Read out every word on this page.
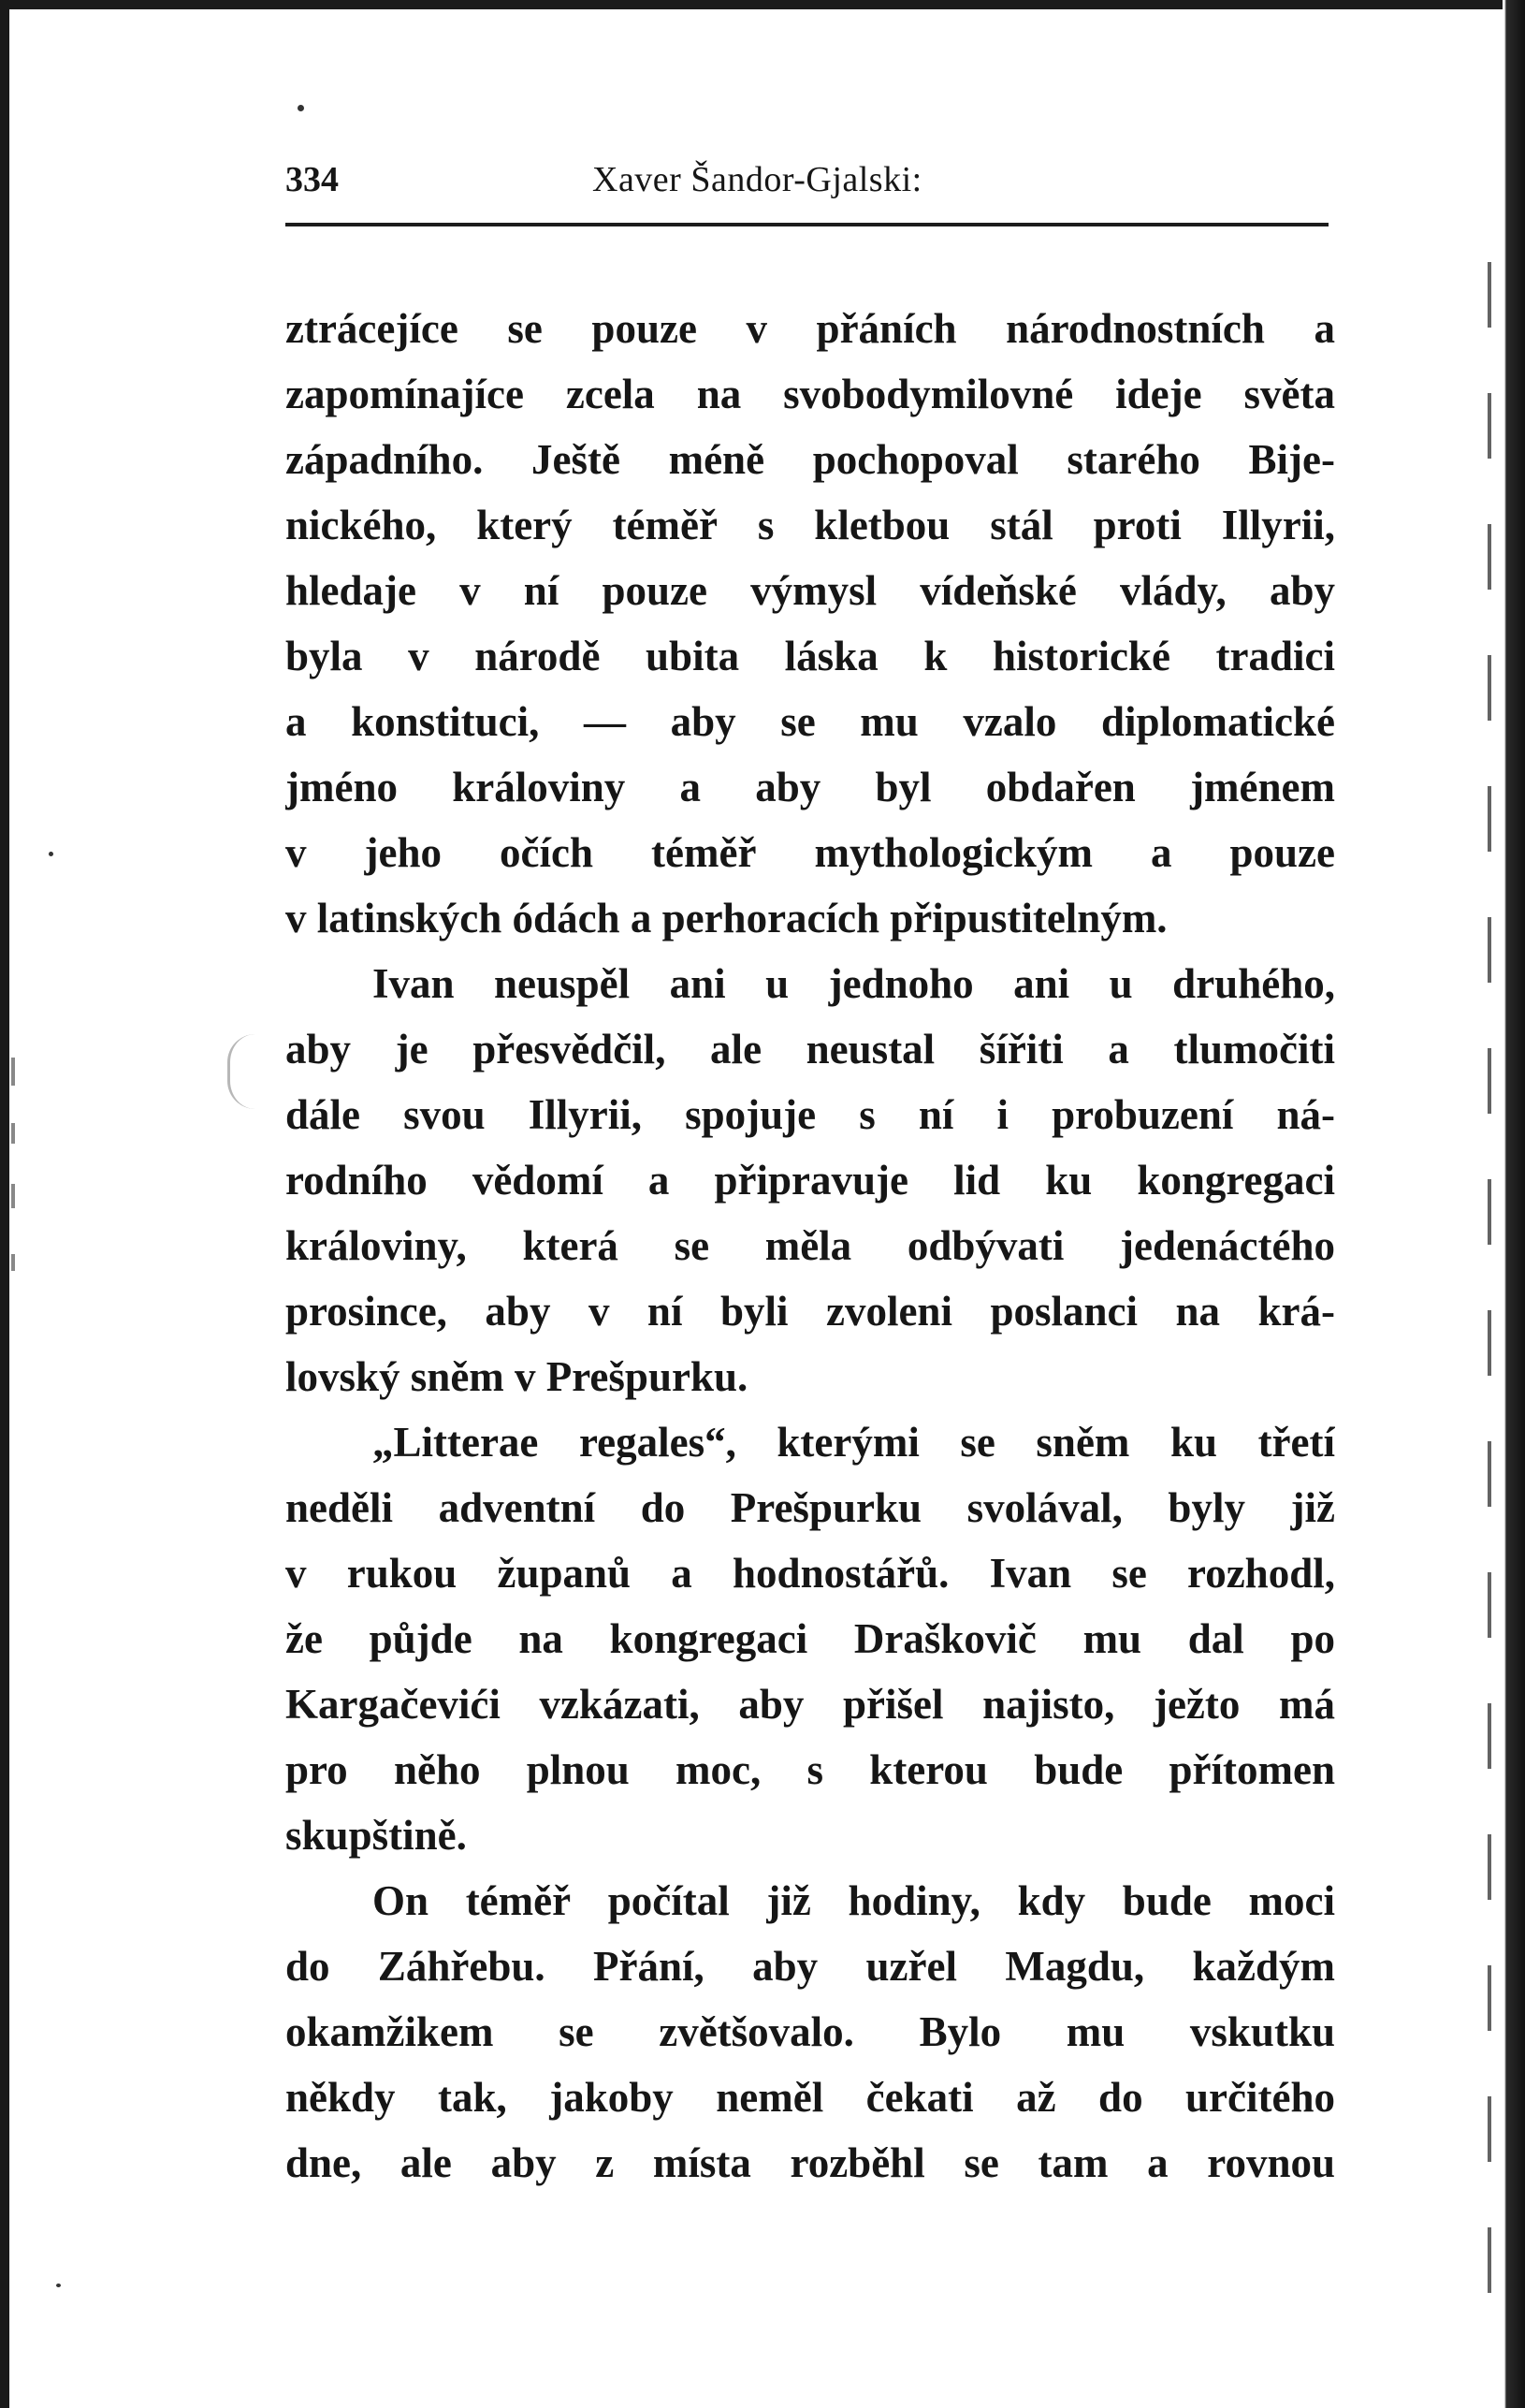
334	Xaver Šandor-Gjalski:
ztrácejíce se pouze v přáních národnostních a
zapomínajíce zcela na svobodymilovné ideje světa
západního. Ještě méně pochopoval starého Bije-
nického, který téměř s kletbou stál proti Illyrii,
hledaje v ní pouze výmysl vídeňské vlády, aby
byla v národě ubita láska k historické tradici
a konstituci, — aby se mu vzalo diplomatické
jméno královiny a aby byl obdařen jménem
v jeho očích téměř mythologickým a pouze
v latinských ódách a perhoracích připustitelným.
Ivan neuspěl ani u jednoho ani u druhého,
aby je přesvědčil, ale neustal šířiti a tlumočiti
dále svou Illyrii, spojuje s ní i probuzení ná-
rodního vědomí a připravuje lid ku kongregaci
královiny, která se měla odbývati jedenáctého
prosince, aby v ní byli zvoleni poslanci na krá-
lovský sněm v Prešpurku.
„Litterae regales“, kterými se sněm ku třetí
neděli adventní do Prešpurku svolával, byly již
v rukou županů a hodnostářů. Ivan se rozhodl,
že půjde na kongregaci Draškovič mu dal po
Kargačevići vzkázati, aby přišel najisto, ježto má
pro něho plnou moc, s kterou bude přítomen
skupštině.
On téměř počítal již hodiny, kdy bude moci
do Záhřebu. Přání, aby uzřel Magdu, každým
okamžikem se zvětšovalo. Bylo mu vskutku
někdy tak, jakoby neměl čekati až do určitého
dne, ale aby z místa rozběhl se tam a rovnou
